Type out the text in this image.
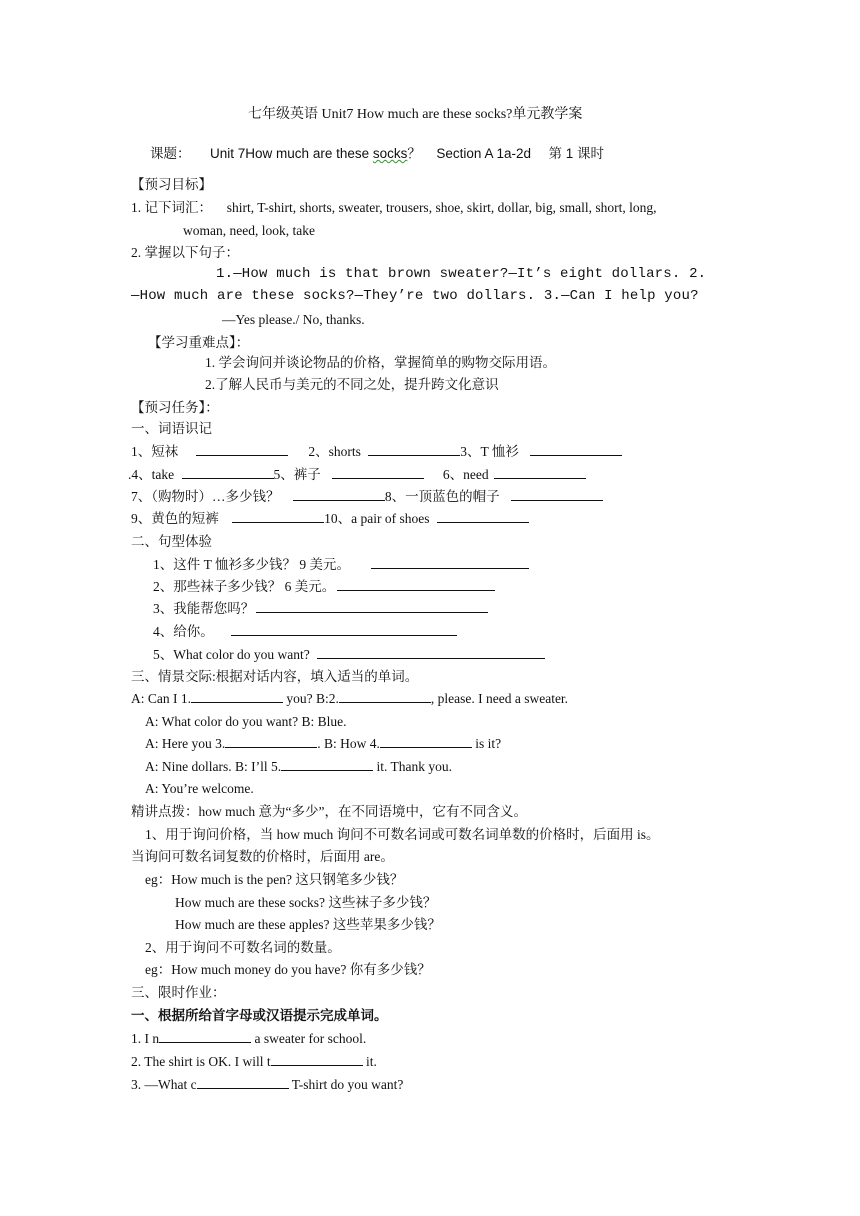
七年级英语 Unit7 How much are these socks?单元教学案
课题： Unit 7How much are these socks？ Section A 1a-2d 第 1 课时
【预习目标】
1. 记下词汇： shirt, T-shirt, shorts, sweater, trousers, shoe, skirt, dollar, big, small, short, long,
woman, need, look, take
2. 掌握以下句子：
1.—How much is that brown sweater?—It’s eight dollars. 2.
—How much are these socks?—They’re two dollars. 3.—Can I help you?
—Yes please./ No, thanks.
【学习重难点】：
1. 学会询问并谈论物品的价格，掌握简单的购物交际用语。
2.了解人民币与美元的不同之处，提升跨文化意识
【预习任务】：
一、词语识记
1、短袜	2、shorts	3、T 恤衫
.4、take	5、裤子	6、need
7、（购物时）…多少钱？	8、一顶蓝色的帽子
9、黄色的短裤	10、a pair of shoes
二、句型体验
1、这件 T 恤衫多少钱？ 9 美元。
2、那些袜子多少钱？ 6 美元。
3、我能帮您吗？
4、给你。
5、What color do you want?
三、情景交际:根据对话内容，填入适当的单词。
A: Can I 1.	you? B:2.	, please. I need a sweater.
A: What color do you want? B: Blue.
A: Here you 3.	. B: How 4.	is it?
A: Nine dollars. B: I’ll 5.	it. Thank you.
A: You’re welcome.
精讲点拨：how much 意为“多少”，在不同语境中，它有不同含义。
1、用于询问价格，当 how much 询问不可数名词或可数名词单数的价格时，后面用 is。
当询问可数名词复数的价格时，后面用 are。
eg：How much is the pen? 这只钢笔多少钱？
How much are these socks? 这些袜子多少钱？
How much are these apples? 这些苹果多少钱？
2、用于询问不可数名词的数量。
eg：How much money do you have? 你有多少钱？
三、限时作业：
一、根据所给首字母或汉语提示完成单词。
1. I n	a sweater for school.
2. The shirt is OK. I will t	it.
3. —What c	T-shirt do you want?
